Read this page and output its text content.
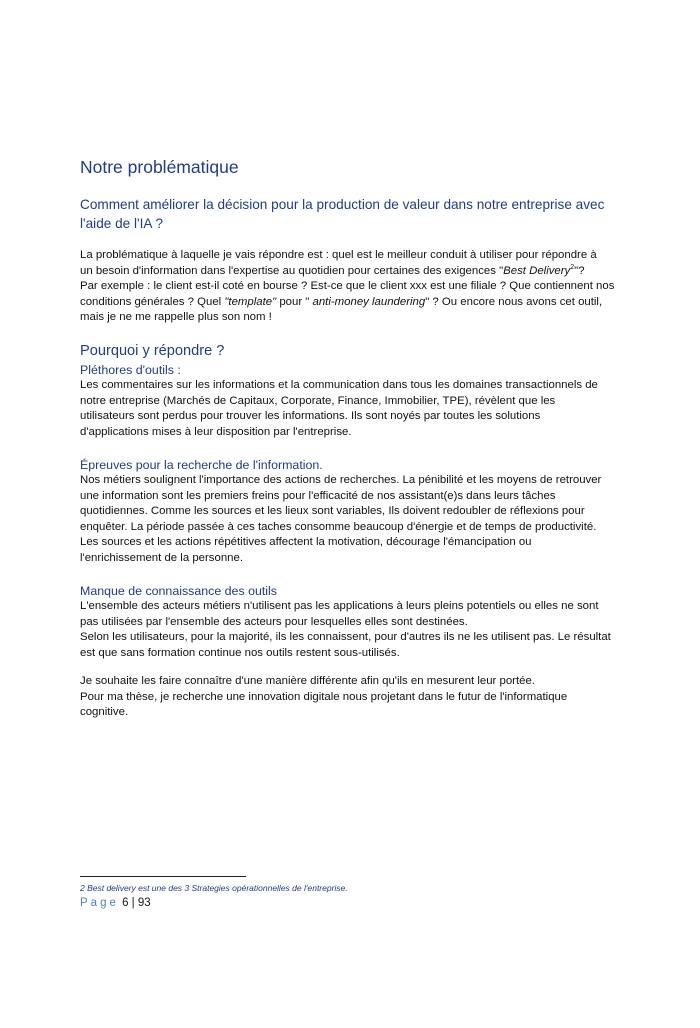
Notre problématique
Comment améliorer la décision pour la production de valeur dans notre entreprise avec l'aide de l'IA ?
La problématique à laquelle je vais répondre est : quel est le meilleur conduit à utiliser pour répondre à
un besoin d'information dans l'expertise au quotidien pour certaines des exigences "Best Delivery$^2$"?
Par exemple : le client est-il coté en bourse ? Est-ce que le client xxx est une filiale ? Que contiennent nos
conditions générales ? Quel "template" pour " anti-money laundering" ? Ou encore nous avons cet outil,
mais je ne me rappelle plus son nom !
Pourquoi y répondre ?
Pléthores d'outils :
Les commentaires sur les informations et la communication dans tous les domaines transactionnels de
notre entreprise (Marchés de Capitaux, Corporate, Finance, Immobilier, TPE), révèlent que les
utilisateurs sont perdus pour trouver les informations. Ils sont noyés par toutes les solutions
d'applications mises à leur disposition par l'entreprise.
Épreuves pour la recherche de l'information.
Nos métiers soulignent l'importance des actions de recherches. La pénibilité et les moyens de retrouver
une information sont les premiers freins pour l'efficacité de nos assistant(e)s dans leurs tâches
quotidiennes. Comme les sources et les lieux sont variables, Ils doivent redoubler de réflexions pour
enquêter. La période passée à ces taches consomme beaucoup d'énergie et de temps de productivité.
Les sources et les actions répétitives affectent la motivation, décourage l'émancipation ou
l'enrichissement de la personne.
Manque de connaissance des outils
L'ensemble des acteurs métiers n'utilisent pas les applications à leurs pleins potentiels ou elles ne sont
pas utilisées par l'ensemble des acteurs pour lesquelles elles sont destinées.
Selon les utilisateurs, pour la majorité, ils les connaissent, pour d'autres ils ne les utilisent pas. Le résultat
est que sans formation continue nos outils restent sous-utilisés.
Je souhaite les faire connaître d'une manière différente afin qu'ils en mesurent leur portée.
Pour ma thèse, je recherche une innovation digitale nous projetant dans le futur de l'informatique
cognitive.
2 Best delivery est une des 3 Strategies opérationnelles de l'entreprise.
Page 6 | 93
